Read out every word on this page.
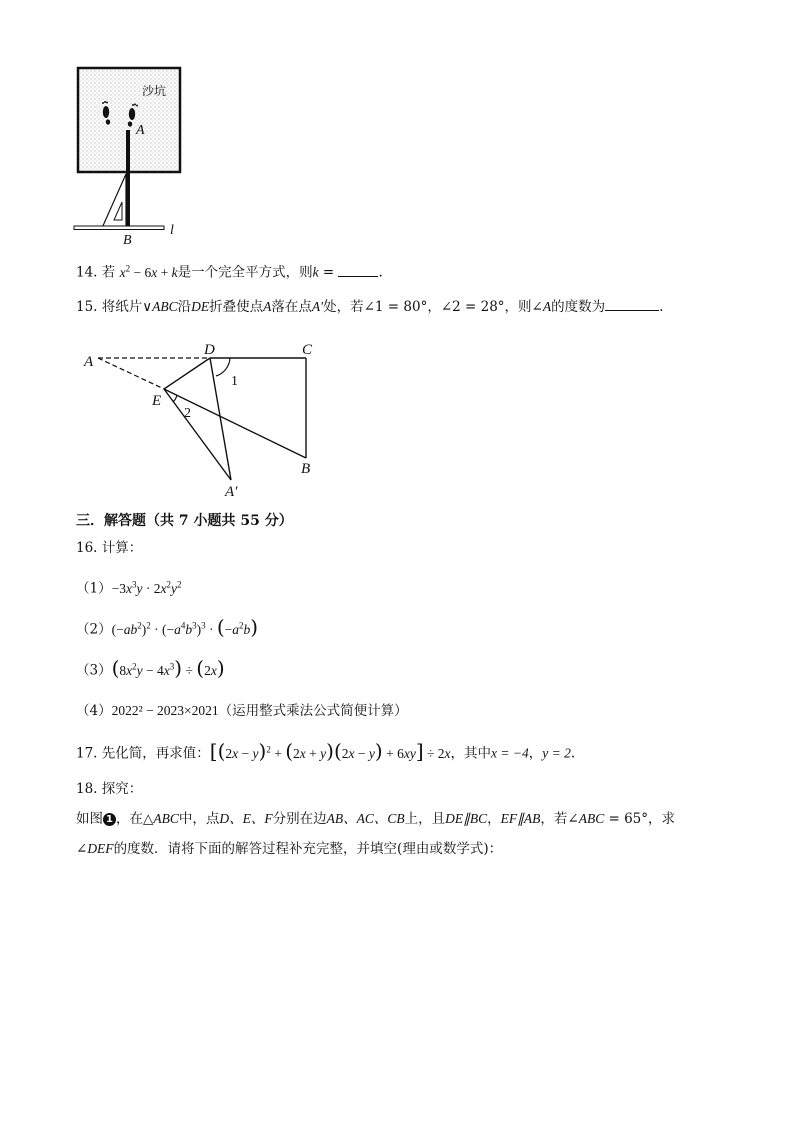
沙坑
A
B
l
14. 若 $x^2 - 6x + k$是一个完全平方式，则k =	.
15. 将纸片∨ABC沿DE折叠使点A落在点A′处，若∠1 = 80°，∠2 = 28°，则∠A的度数为	.
A
D	C
E
B
A′
1
2
三．解答题（共 7 小题共 55 分）
16. 计算：
$(1)-3x^3y \cdot 2x^2y^2$
$(2)(-ab^2)^2 \cdot (-a^4b^3)^3 \cdot (-a^2b)$
$(3)(8x^2y - 4x^3) \div (2x)$
（4）2022² − 2023×2021（运用整式乘法公式简便计算）
17. 先化简，再求值：$[(2x - y)^2 + (2x + y)(2x - y) + 6xy] \div 2x$，其中x = −4，y = 2.
18. 探究：
如图 1 ，在△ABC中，点D、E、F分别在边AB、AC、CB上，且DE∥BC，EF∥AB，若∠ABC = 65°，求
∠DEF的度数．请将下面的解答过程补充完整，并填空(理由或数学式)：
